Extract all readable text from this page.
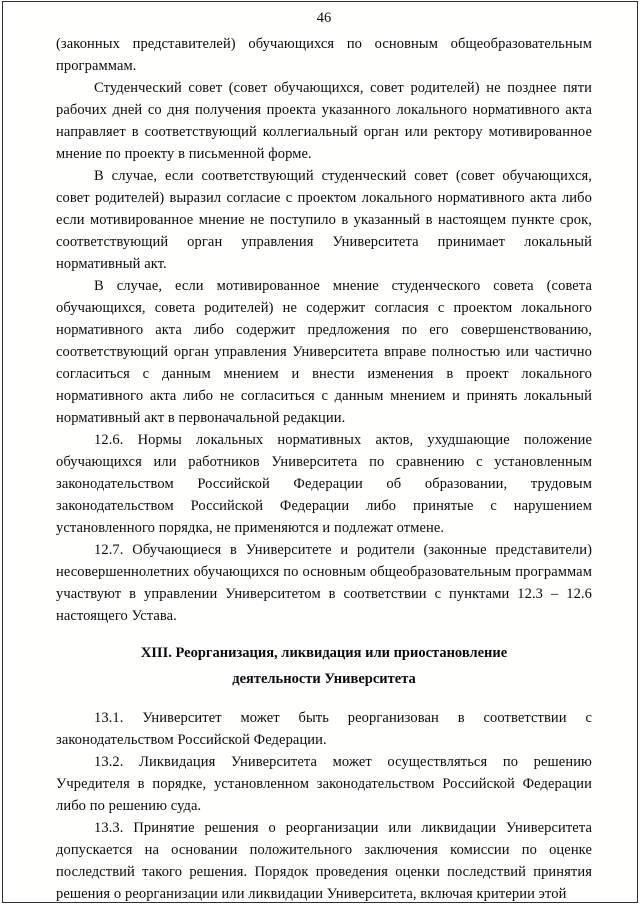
46

(законных представителей) обучающихся по основным общеобразовательным программам.

Студенческий совет (совет обучающихся, совет родителей) не позднее пяти рабочих дней со дня получения проекта указанного локального нормативного акта направляет в соответствующий коллегиальный орган или ректору мотивированное мнение по проекту в письменной форме.

В случае, если соответствующий студенческий совет (совет обучающихся, совет родителей) выразил согласие с проектом локального нормативного акта либо если мотивированное мнение не поступило в указанный в настоящем пункте срок, соответствующий орган управления Университета принимает локальный нормативный акт.

В случае, если мотивированное мнение студенческого совета (совета обучающихся, совета родителей) не содержит согласия с проектом локального нормативного акта либо содержит предложения по его совершенствованию, соответствующий орган управления Университета вправе полностью или частично согласиться с данным мнением и внести изменения в проект локального нормативного акта либо не согласиться с данным мнением и принять локальный нормативный акт в первоначальной редакции.

12.6. Нормы локальных нормативных актов, ухудшающие положение обучающихся или работников Университета по сравнению с установленным законодательством Российской Федерации об образовании, трудовым законодательством Российской Федерации либо принятые с нарушением установленного порядка, не применяются и подлежат отмене.

12.7. Обучающиеся в Университете и родители (законные представители) несовершеннолетних обучающихся по основным общеобразовательным программам участвуют в управлении Университетом в соответствии с пунктами 12.3 – 12.6 настоящего Устава.

XIII. Реорганизация, ликвидация или приостановление
деятельности Университета

13.1. Университет может быть реорганизован в соответствии с законодательством Российской Федерации.

13.2. Ликвидация Университета может осуществляться по решению Учредителя в порядке, установленном законодательством Российской Федерации либо по решению суда.

13.3. Принятие решения о реорганизации или ликвидации Университета допускается на основании положительного заключения комиссии по оценке последствий такого решения. Порядок проведения оценки последствий принятия решения о реорганизации или ликвидации Университета, включая критерии этой
